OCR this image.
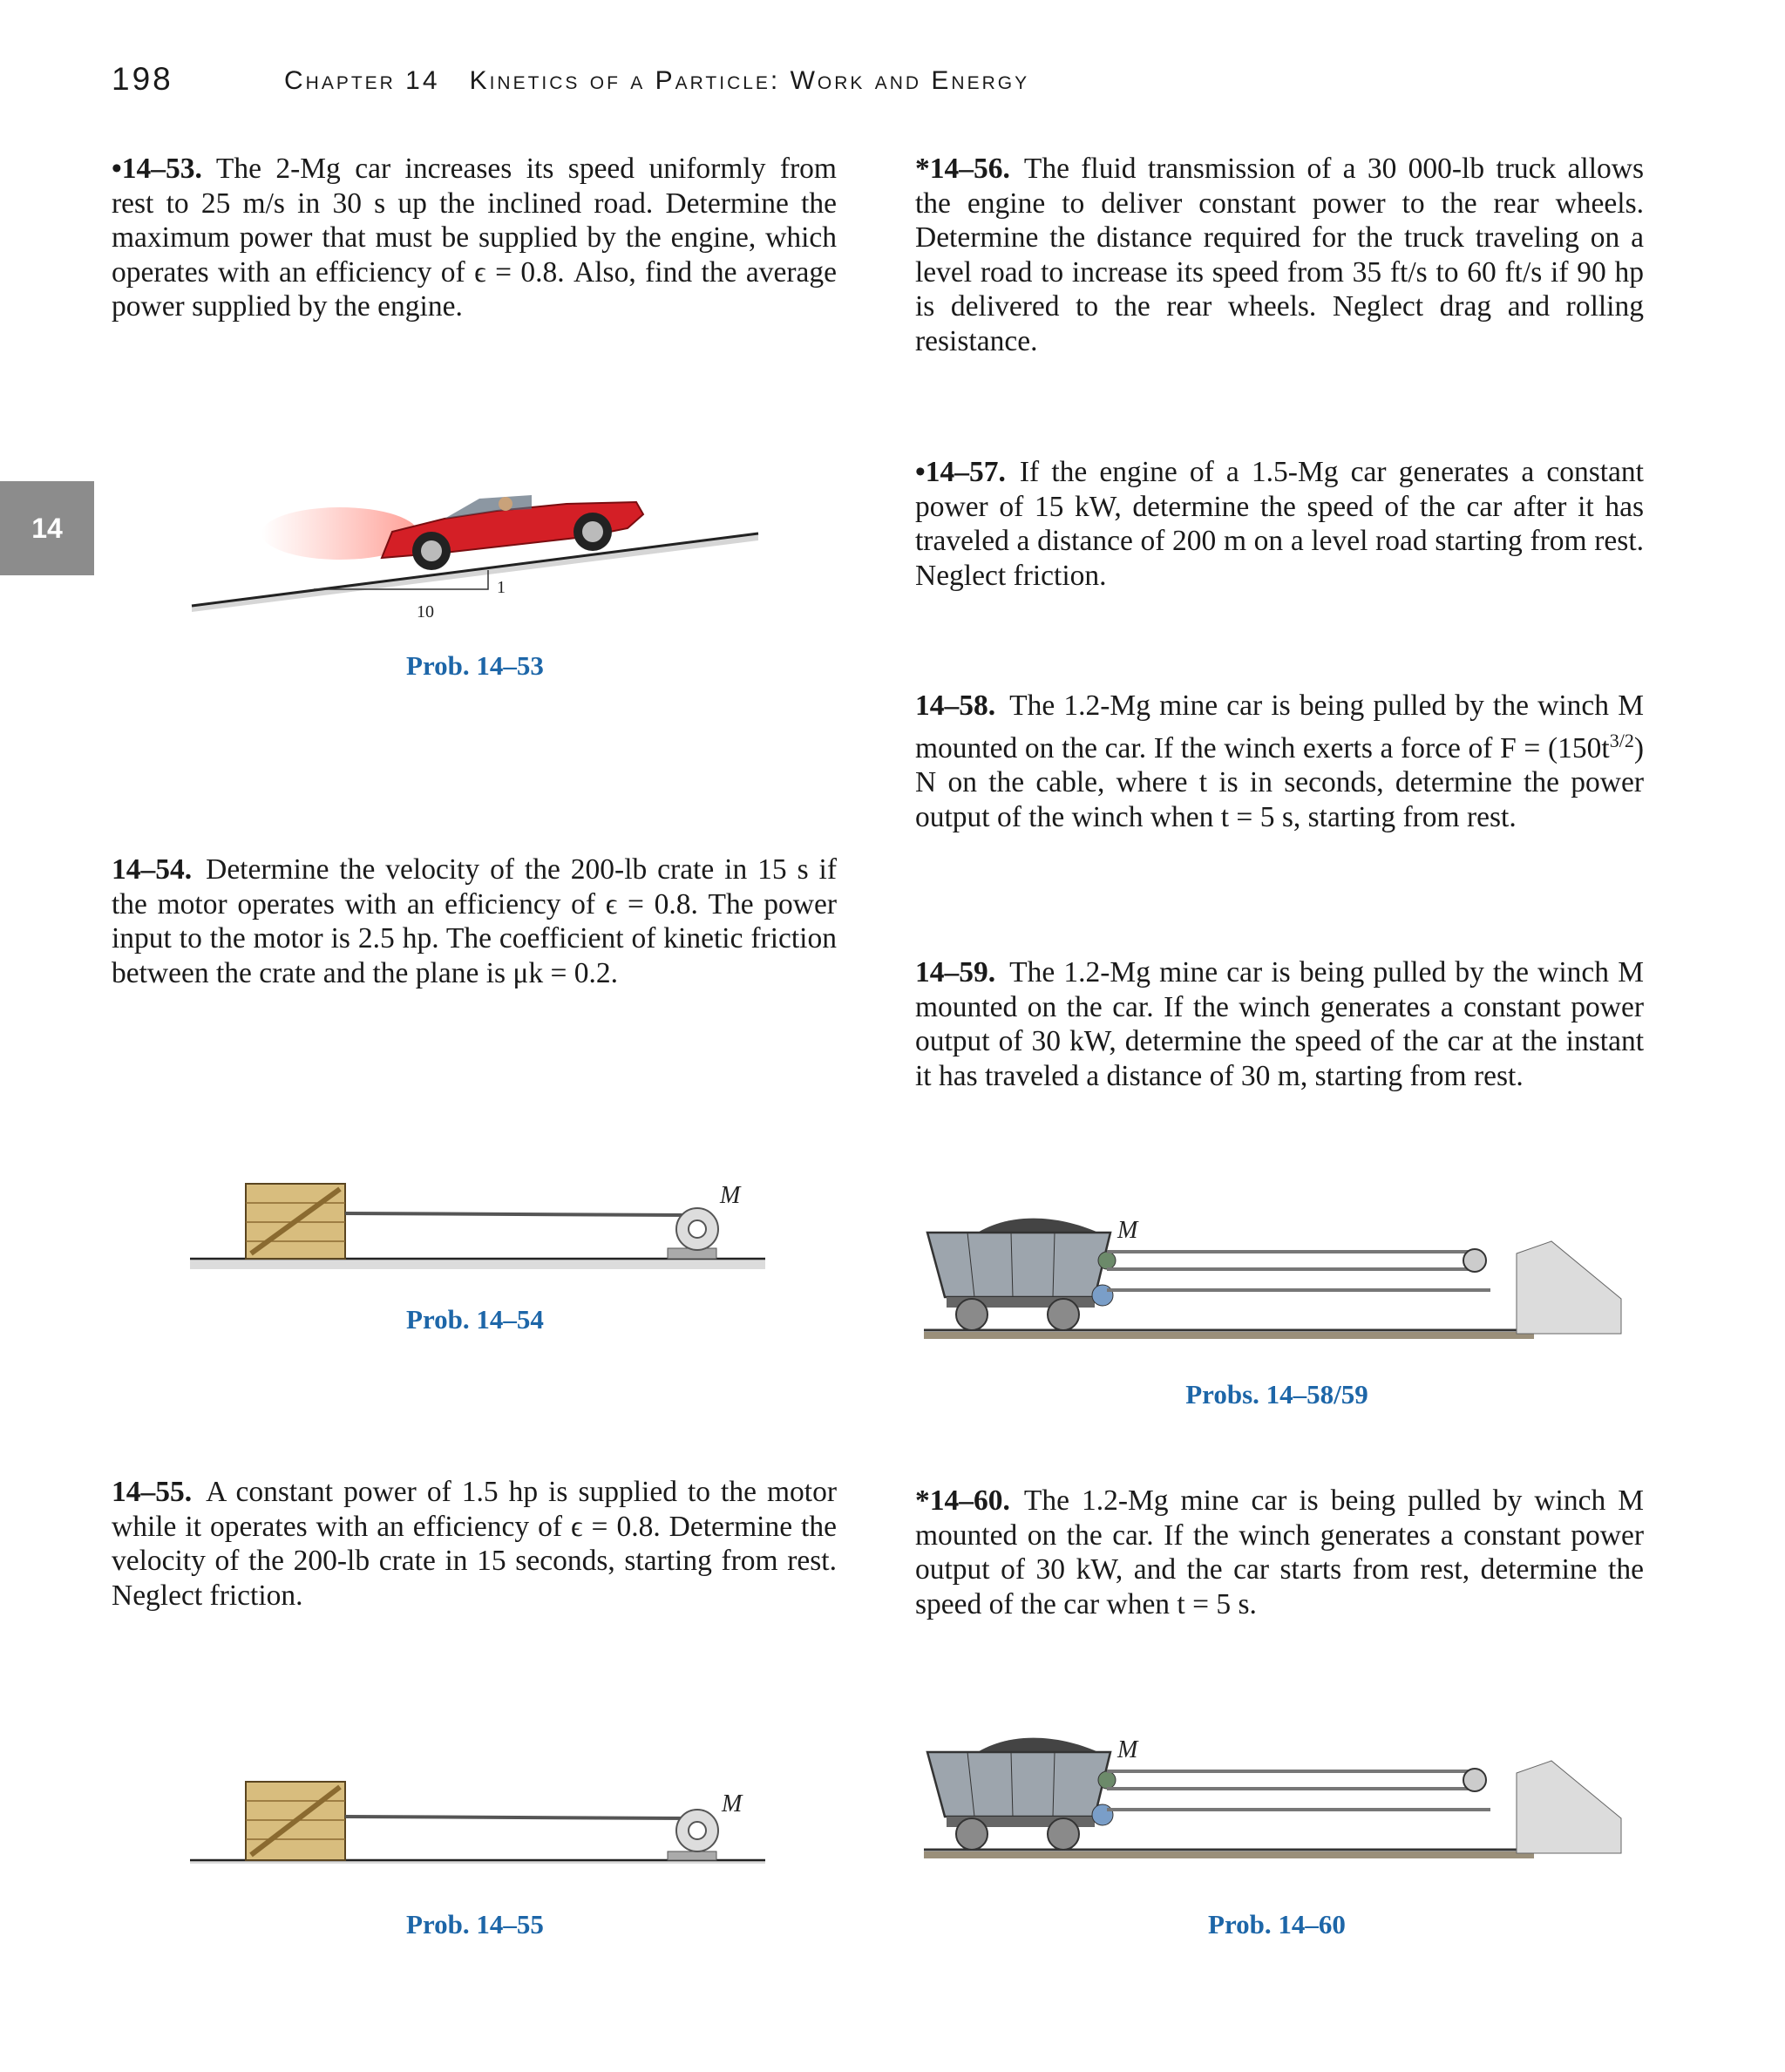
198	Chapter 14 Kinetics of a Particle: Work and Energy
14
•14–53. The 2-Mg car increases its speed uniformly from rest to 25 m/s in 30 s up the inclined road. Determine the maximum power that must be supplied by the engine, which operates with an efficiency of ϵ = 0.8. Also, find the average power supplied by the engine.
10
1
Prob. 14–53
14–54. Determine the velocity of the 200-lb crate in 15 s if the motor operates with an efficiency of ϵ = 0.8. The power input to the motor is 2.5 hp. The coefficient of kinetic friction between the crate and the plane is μk = 0.2.
M
Prob. 14–54
14–55. A constant power of 1.5 hp is supplied to the motor while it operates with an efficiency of ϵ = 0.8. Determine the velocity of the 200-lb crate in 15 seconds, starting from rest. Neglect friction.
M
Prob. 14–55
*14–56. The fluid transmission of a 30 000-lb truck allows the engine to deliver constant power to the rear wheels. Determine the distance required for the truck traveling on a level road to increase its speed from 35 ft/s to 60 ft/s if 90 hp is delivered to the rear wheels. Neglect drag and rolling resistance.
•14–57. If the engine of a 1.5-Mg car generates a constant power of 15 kW, determine the speed of the car after it has traveled a distance of 200 m on a level road starting from rest. Neglect friction.
14–58. The 1.2-Mg mine car is being pulled by the winch M mounted on the car. If the winch exerts a force of $F = (150t^{3/2})$ N on the cable, where t is in seconds, determine the power output of the winch when t = 5 s, starting from rest.
14–59. The 1.2-Mg mine car is being pulled by the winch M mounted on the car. If the winch generates a constant power output of 30 kW, determine the speed of the car at the instant it has traveled a distance of 30 m, starting from rest.
M
Probs. 14–58/59
*14–60. The 1.2-Mg mine car is being pulled by winch M mounted on the car. If the winch generates a constant power output of 30 kW, and the car starts from rest, determine the speed of the car when t = 5 s.
M
Prob. 14–60
